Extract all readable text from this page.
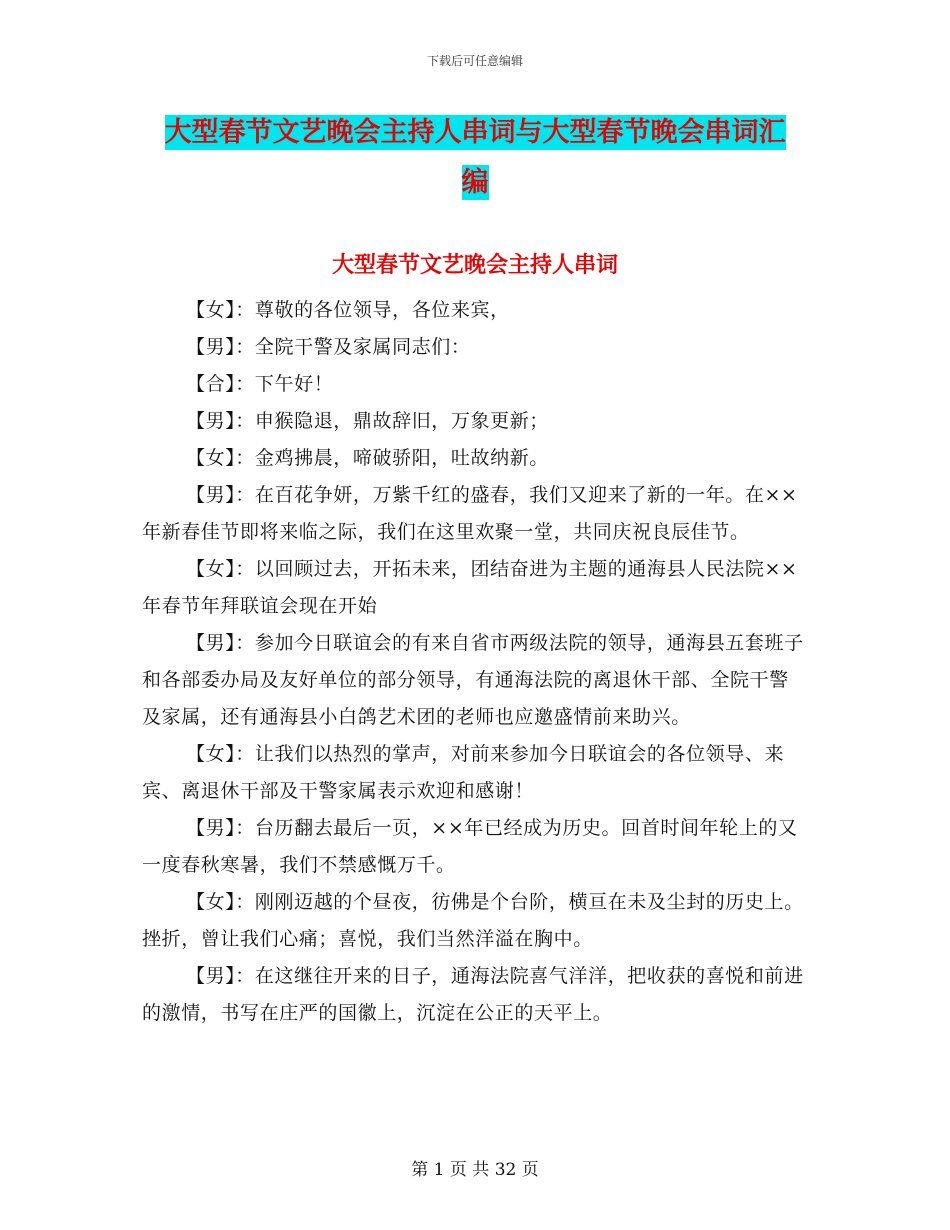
下载后可任意编辑
大型春节文艺晚会主持人串词与大型春节晚会串词汇
编
大型春节文艺晚会主持人串词

【女】：尊敬的各位领导，各位来宾，

【男】：全院干警及家属同志们：

【合】：下午好！

【男】：申猴隐退，鼎故辞旧，万象更新；

【女】：金鸡拂晨，啼破骄阳，吐故纳新。

【男】：在百花争妍，万紫千红的盛春，我们又迎来了新的一年。在××年新春佳节即将来临之际，我们在这里欢聚一堂，共同庆祝良辰佳节。

【女】：以回顾过去，开拓未来，团结奋进为主题的通海县人民法院××年春节年拜联谊会现在开始

【男】：参加今日联谊会的有来自省市两级法院的领导，通海县五套班子和各部委办局及友好单位的部分领导，有通海法院的离退休干部、全院干警及家属，还有通海县小白鸽艺术团的老师也应邀盛情前来助兴。

【女】：让我们以热烈的掌声，对前来参加今日联谊会的各位领导、来宾、离退休干部及干警家属表示欢迎和感谢！

【男】：台历翻去最后一页，××年已经成为历史。回首时间年轮上的又一度春秋寒暑，我们不禁感慨万千。

【女】：刚刚迈越的个昼夜，彷佛是个台阶，横亘在未及尘封的历史上。挫折，曾让我们心痛；喜悦，我们当然洋溢在胸中。

【男】：在这继往开来的日子，通海法院喜气洋洋，把收获的喜悦和前进的激情，书写在庄严的国徽上，沉淀在公正的天平上。

第 1 页 共 32 页
